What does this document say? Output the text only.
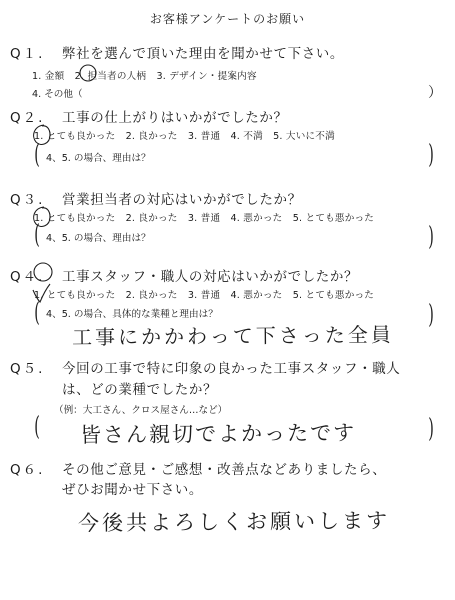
お客様アンケートのお願い
Q１. 弊社を選んで頂いた理由を聞かせて下さい。
1. 金額 2. 担当者の人柄 3. デザイン・提案内容
4. その他（	）
Q２. 工事の仕上がりはいかがでしたか？
1. とても良かった 2. 良かった 3. 普通 4. 不満 5. 大いに不満
( 4、5. の場合、理由は？	)
Q３. 営業担当者の対応はいかがでしたか？
1. とても良かった 2. 良かった 3. 普通 4. 悪かった 5. とても悪かった
( 4、5. の場合、理由は？	)
Q４. 工事スタッフ・職人の対応はいかがでしたか？
1. とても良かった 2. 良かった 3. 普通 4. 悪かった 5. とても悪かった
( 4、5. の場合、具体的な業種と理由は？	)
工事にかかわって下さった全員
Q５. 今回の工事で特に印象の良かった工事スタッフ・職人
は、どの業種でしたか？
（例：大工さん、クロス屋さん…など）
( 皆さん親切でよかったです	)
Q６. その他ご意見・ご感想・改善点などありましたら、
ぜひお聞かせ下さい。
今後共よろしくお願いします
